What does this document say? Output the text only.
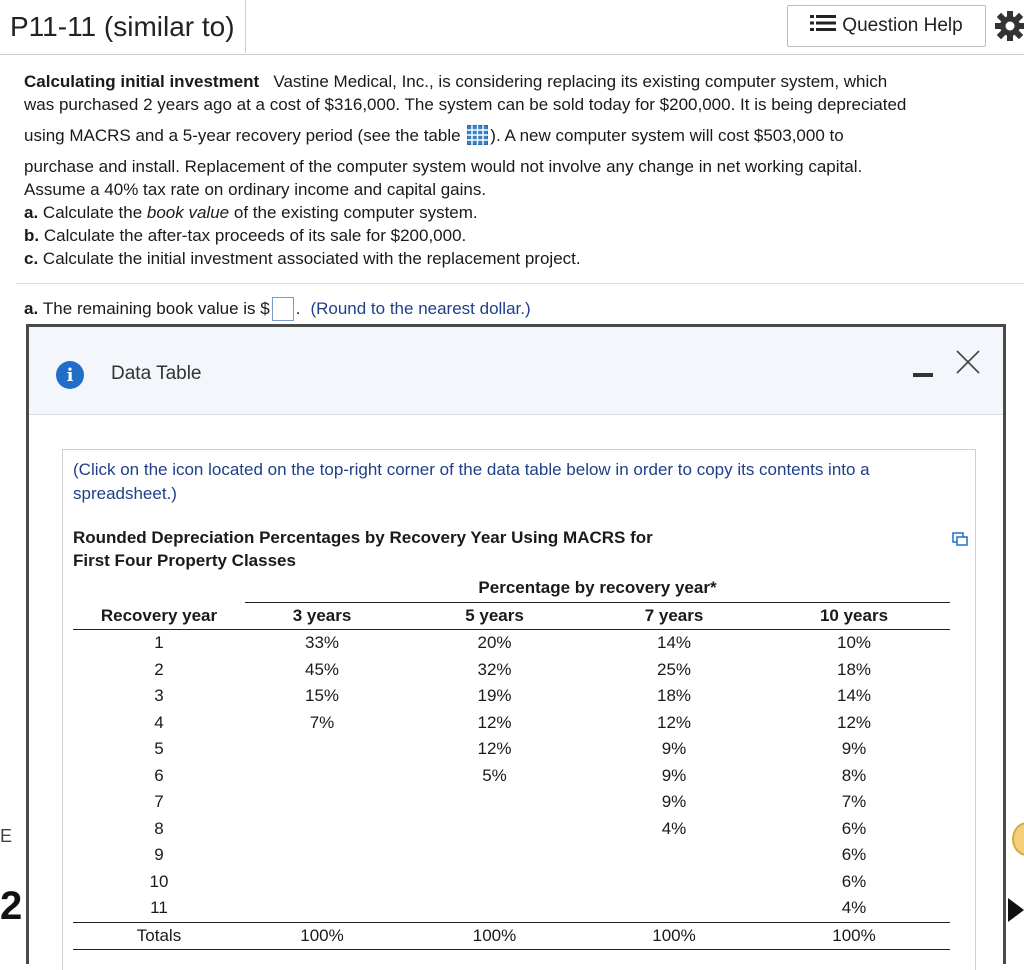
P11-11 (similar to)	Question Help

Calculating initial investment Vastine Medical, Inc., is considering replacing its existing computer system, which

was purchased 2 years ago at a cost of $316,000. The system can be sold today for $200,000. It is being depreciated

using MACRS and a 5-year recovery period (see the table ). A new computer system will cost $503,000 to

purchase and install. Replacement of the computer system would not involve any change in net working capital.

Assume a 40% tax rate on ordinary income and capital gains.

a. Calculate the book value of the existing computer system.

b. Calculate the after-tax proceeds of its sale for $200,000.

c. Calculate the initial investment associated with the replacement project.

a.
The remaining book value is $ . (Round to the nearest dollar.)
E
2
i	Data Table
(Click on the icon located on the top-right corner of the data table below in order to copy its contents into a spreadsheet.)
Rounded Depreciation Percentages by Recovery Year Using MACRS for
First Four Property Classes
	Percentage by recovery year*			
Recovery year	3 years	5 years	7 years	10 years
1	33%	20%	14%	10%
2	45%	32%	25%	18%
3	15%	19%	18%	14%
4	7%	12%	12%	12%
5		12%	9%	9%
6		5%	9%	8%
7			9%	7%
8			4%	6%
9				6%
10				6%
11				4%
Totals	100%	100%	100%	100%
